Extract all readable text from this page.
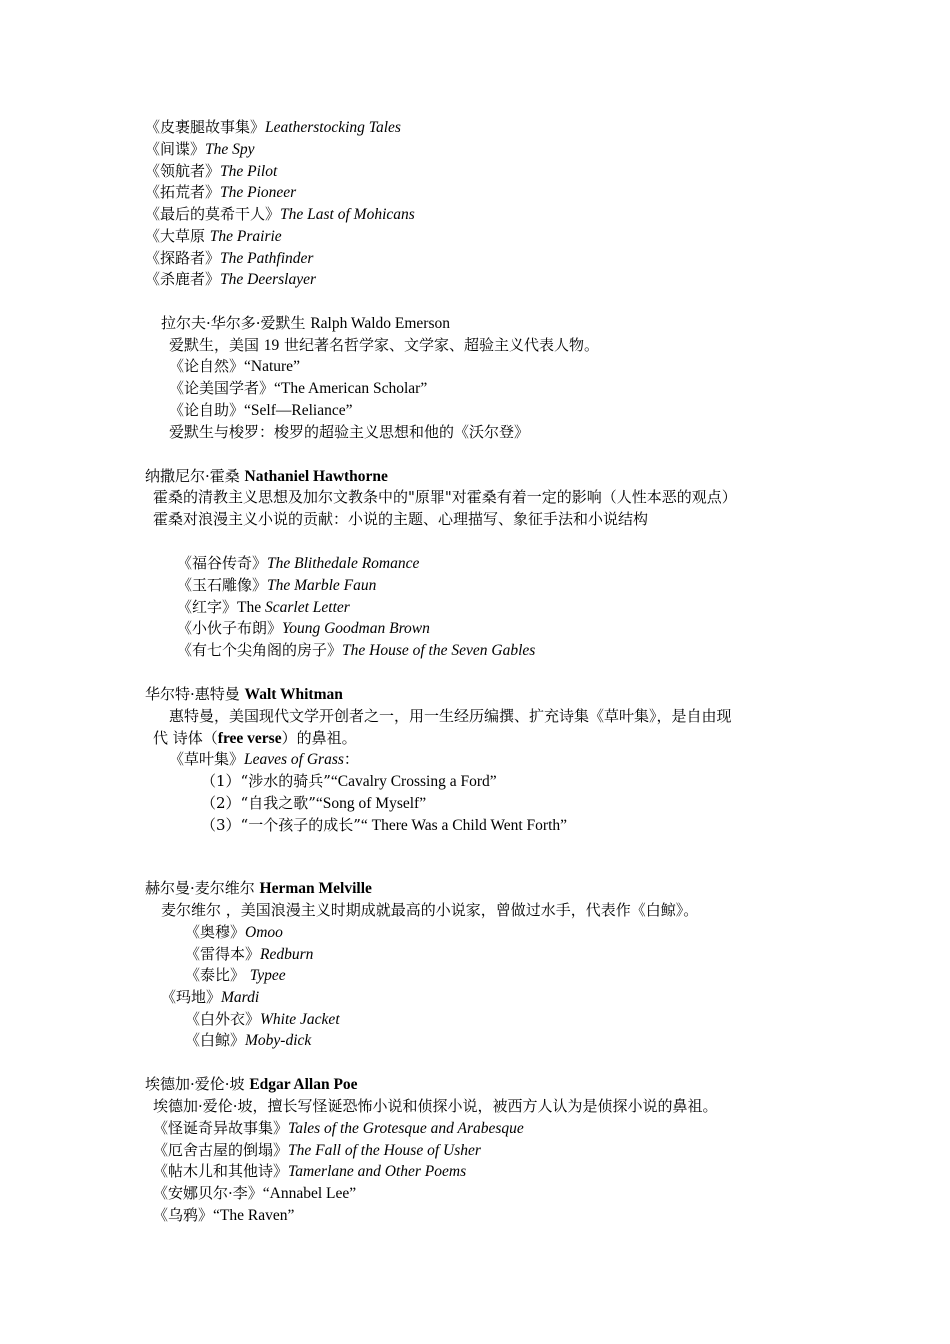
《皮裹腿故事集》Leatherstocking Tales
《间谍》The Spy
《领航者》The Pilot
《拓荒者》The Pioneer
《最后的莫希干人》The Last of Mohicans
《大草原 The Prairie
《探路者》The Pathfinder
《杀鹿者》The Deerslayer
拉尔夫·华尔多·爱默生 Ralph Waldo Emerson
爱默生，美国 19 世纪著名哲学家、文学家、超验主义代表人物。
《论自然》“Nature”
《论美国学者》“The American Scholar”
《论自助》“Self—Reliance”
爱默生与梭罗：梭罗的超验主义思想和他的《沃尔登》
纳撒尼尔·霍桑 Nathaniel Hawthorne
霍桑的清教主义思想及加尔文教条中的"原罪"对霍桑有着一定的影响（人性本恶的观点）
霍桑对浪漫主义小说的贡献：小说的主题、心理描写、象征手法和小说结构
《福谷传奇》The Blithedale Romance
《玉石雕像》The Marble Faun
《红字》The Scarlet Letter
《小伙子布朗》Young Goodman Brown
《有七个尖角阁的房子》The House of the Seven Gables
华尔特·惠特曼 Walt Whitman
惠特曼，美国现代文学开创者之一，用一生经历编撰、扩充诗集《草叶集》，是自由现
代 诗体（free verse）的鼻祖。
《草叶集》Leaves of Grass：
（1）“涉水的骑兵”“Cavalry Crossing a Ford”
（2）“自我之歌”“Song of Myself”
（3）“一个孩子的成长”“ There Was a Child Went Forth”
赫尔曼·麦尔维尔 Herman Melville
麦尔维尔 ，美国浪漫主义时期成就最高的小说家，曾做过水手，代表作《白鲸》。
《奥穆》Omoo
《雷得本》Redburn
《泰比》 Typee
《玛地》Mardi
《白外衣》White Jacket
《白鲸》Moby-dick
埃德加·爱伦·坡 Edgar Allan Poe
埃德加·爱伦·坡，擅长写怪诞恐怖小说和侦探小说，被西方人认为是侦探小说的鼻祖。
《怪诞奇异故事集》Tales of the Grotesque and Arabesque
《厄舍古屋的倒塌》The Fall of the House of Usher
《帖木儿和其他诗》Tamerlane and Other Poems
《安娜贝尔·李》“Annabel Lee”
《乌鸦》“The Raven”
